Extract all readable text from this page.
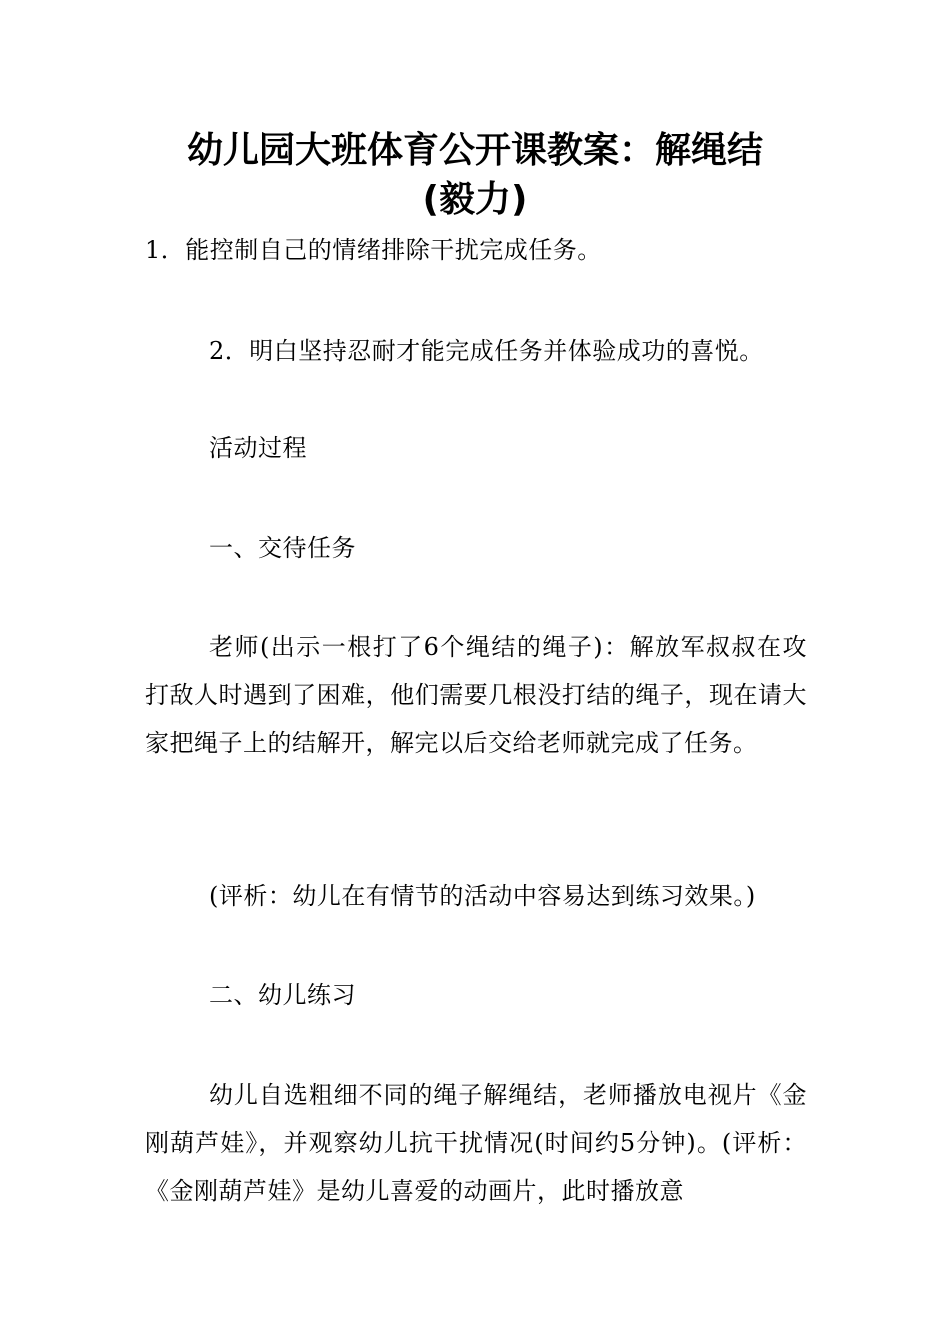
幼儿园大班体育公开课教案：解绳结
(毅力)

1．能控制自己的情绪排除干扰完成任务。

2．明白坚持忍耐才能完成任务并体验成功的喜悦。

活动过程

一、交待任务

老师(出示一根打了6个绳结的绳子)：解放军叔叔在攻打敌人时遇到了困难，他们需要几根没打结的绳子，现在请大家把绳子上的结解开，解完以后交给老师就完成了任务。

(评析：幼儿在有情节的活动中容易达到练习效果。)

二、幼儿练习

幼儿自选粗细不同的绳子解绳结，老师播放电视片《金刚葫芦娃》，并观察幼儿抗干扰情况(时间约5分钟)。(评析：《金刚葫芦娃》是幼儿喜爱的动画片，此时播放意
